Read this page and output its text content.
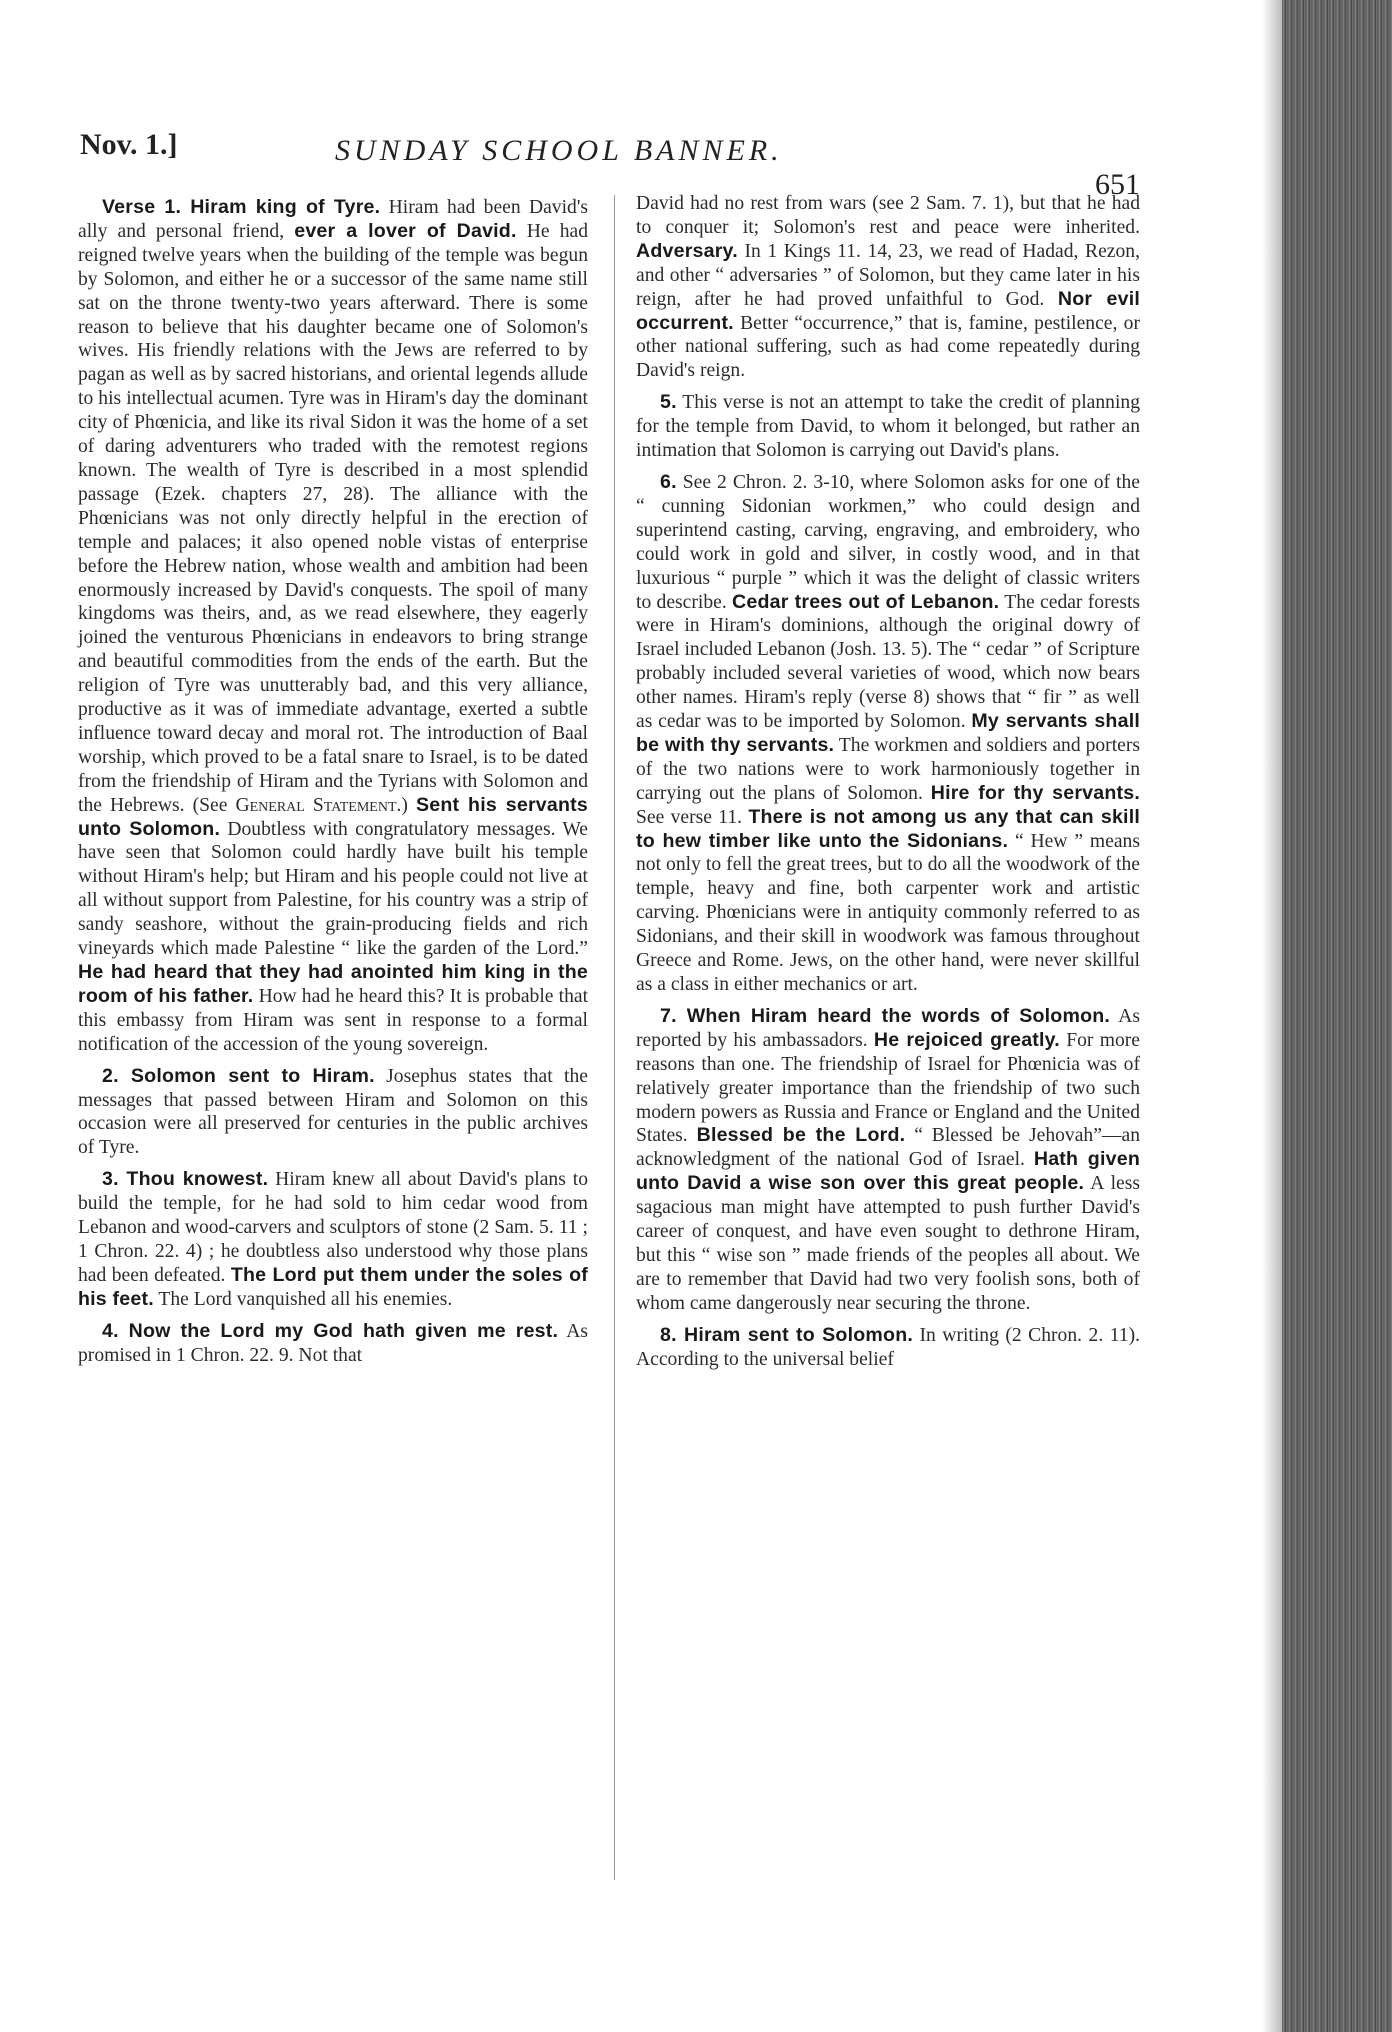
Nov. 1.]	SUNDAY SCHOOL BANNER.
651

Verse 1. Hiram king of Tyre. Hiram had been David's ally and personal friend, ever a lover of David. He had reigned twelve years when the building of the temple was begun by Solomon, and either he or a successor of the same name still sat on the throne twenty-two years afterward. There is some reason to believe that his daughter became one of Solomon's wives. His friendly relations with the Jews are referred to by pagan as well as by sacred historians, and oriental legends allude to his intellectual acumen. Tyre was in Hiram's day the dominant city of Phœnicia, and like its rival Sidon it was the home of a set of daring adventurers who traded with the remotest regions known. The wealth of Tyre is described in a most splendid passage (Ezek. chapters 27, 28). The alliance with the Phœnicians was not only directly helpful in the erection of temple and palaces; it also opened noble vistas of enterprise before the Hebrew nation, whose wealth and ambition had been enormously increased by David's conquests. The spoil of many kingdoms was theirs, and, as we read elsewhere, they eagerly joined the venturous Phœnicians in endeavors to bring strange and beautiful commodities from the ends of the earth. But the religion of Tyre was unutterably bad, and this very alliance, productive as it was of immediate advantage, exerted a subtle influence toward decay and moral rot. The introduction of Baal worship, which proved to be a fatal snare to Israel, is to be dated from the friendship of Hiram and the Tyrians with Solomon and the Hebrews. (See General Statement.) Sent his servants unto Solomon. Doubtless with congratulatory messages. We have seen that Solomon could hardly have built his temple without Hiram's help; but Hiram and his people could not live at all without support from Palestine, for his country was a strip of sandy seashore, without the grain-producing fields and rich vineyards which made Palestine “ like the garden of the Lord.” He had heard that they had anointed him king in the room of his father. How had he heard this? It is probable that this embassy from Hiram was sent in response to a formal notification of the accession of the young sovereign.

2. Solomon sent to Hiram. Josephus states that the messages that passed between Hiram and Solomon on this occasion were all preserved for centuries in the public archives of Tyre.

3. Thou knowest. Hiram knew all about David's plans to build the temple, for he had sold to him cedar wood from Lebanon and wood-carvers and sculptors of stone (2 Sam. 5. 11 ; 1 Chron. 22. 4) ; he doubtless also understood why those plans had been defeated. The Lord put them under the soles of his feet. The Lord vanquished all his enemies.

4. Now the Lord my God hath given me rest. As promised in 1 Chron. 22. 9. Not that

David had no rest from wars (see 2 Sam. 7. 1), but that he had to conquer it; Solomon's rest and peace were inherited. Adversary. In 1 Kings 11. 14, 23, we read of Hadad, Rezon, and other “ adversaries ” of Solomon, but they came later in his reign, after he had proved unfaithful to God. Nor evil occurrent. Better “occurrence,” that is, famine, pestilence, or other national suffering, such as had come repeatedly during David's reign.

5. This verse is not an attempt to take the credit of planning for the temple from David, to whom it belonged, but rather an intimation that Solomon is carrying out David's plans.

6. See 2 Chron. 2. 3-10, where Solomon asks for one of the “ cunning Sidonian workmen,” who could design and superintend casting, carving, engraving, and embroidery, who could work in gold and silver, in costly wood, and in that luxurious “ purple ” which it was the delight of classic writers to describe. Cedar trees out of Lebanon. The cedar forests were in Hiram's dominions, although the original dowry of Israel included Lebanon (Josh. 13. 5). The “ cedar ” of Scripture probably included several varieties of wood, which now bears other names. Hiram's reply (verse 8) shows that “ fir ” as well as cedar was to be imported by Solomon. My servants shall be with thy servants. The workmen and soldiers and porters of the two nations were to work harmoniously together in carrying out the plans of Solomon. Hire for thy servants. See verse 11. There is not among us any that can skill to hew timber like unto the Sidonians. “ Hew ” means not only to fell the great trees, but to do all the woodwork of the temple, heavy and fine, both carpenter work and artistic carving. Phœnicians were in antiquity commonly referred to as Sidonians, and their skill in woodwork was famous throughout Greece and Rome. Jews, on the other hand, were never skillful as a class in either mechanics or art.

7. When Hiram heard the words of Solomon. As reported by his ambassadors. He rejoiced greatly. For more reasons than one. The friendship of Israel for Phœnicia was of relatively greater importance than the friendship of two such modern powers as Russia and France or England and the United States. Blessed be the Lord. “ Blessed be Jehovah”—an acknowledgment of the national God of Israel. Hath given unto David a wise son over this great people. A less sagacious man might have attempted to push further David's career of conquest, and have even sought to dethrone Hiram, but this “ wise son ” made friends of the peoples all about. We are to remember that David had two very foolish sons, both of whom came dangerously near securing the throne.

8. Hiram sent to Solomon. In writing (2 Chron. 2. 11). According to the universal belief
